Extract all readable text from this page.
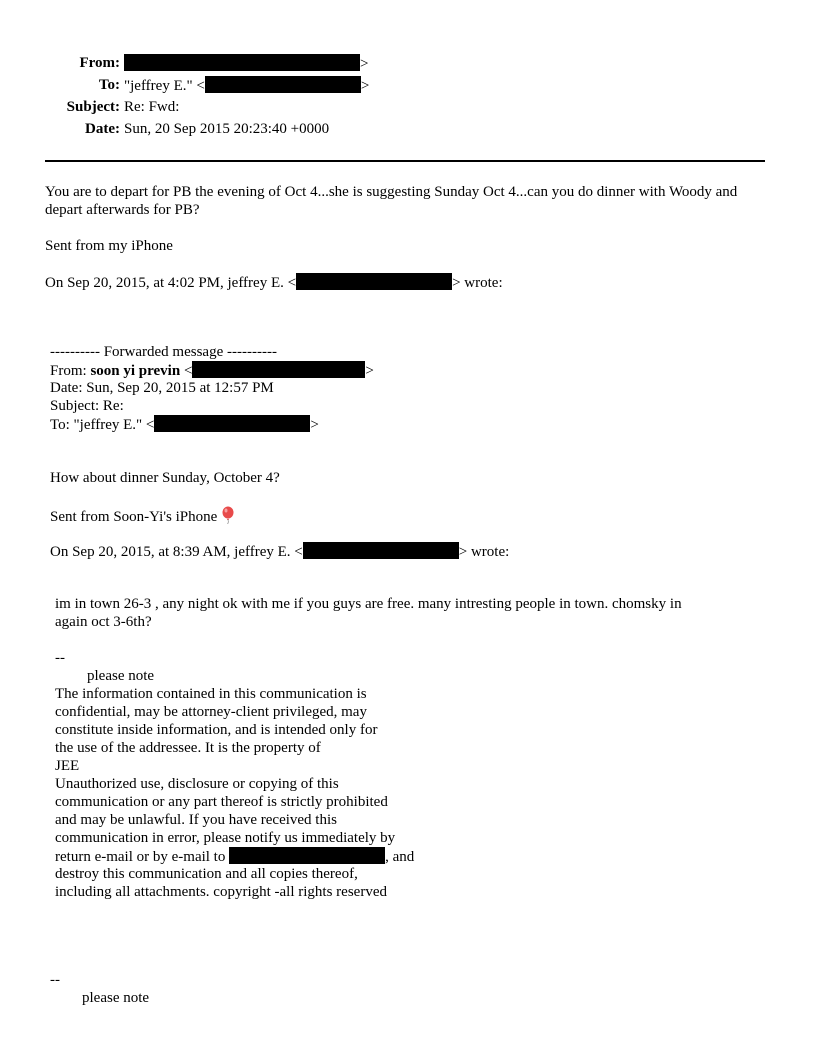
From:	>
To: "jeffrey E." <	>
Subject: Re: Fwd:
Date: Sun, 20 Sep 2015 20:23:40 +0000
You are to depart for PB the evening of Oct 4...she is suggesting Sunday Oct 4...can you do dinner with Woody and depart afterwards for PB?
Sent from my iPhone
On Sep 20, 2015, at 4:02 PM, jeffrey E. <	> wrote:
---------- Forwarded message ----------
From: soon yi previn <	>
Date: Sun, Sep 20, 2015 at 12:57 PM
Subject: Re:
To: "jeffrey E." <	>
How about dinner Sunday, October 4?
Sent from Soon-Yi's iPhone
On Sep 20, 2015, at 8:39 AM, jeffrey E. <	> wrote:
im in town 26-3 , any night ok with me if you guys are free. many intresting people in town. chomsky in
again oct 3-6th?
--
please note
The information contained in this communication is
confidential, may be attorney-client privileged, may
constitute inside information, and is intended only for
the use of the addressee. It is the property of
JEE
Unauthorized use, disclosure or copying of this
communication or any part thereof is strictly prohibited
and may be unlawful. If you have received this
communication in error, please notify us immediately by
return e-mail or by e-mail to	, and
destroy this communication and all copies thereof,
including all attachments. copyright -all rights reserved
--
please note
